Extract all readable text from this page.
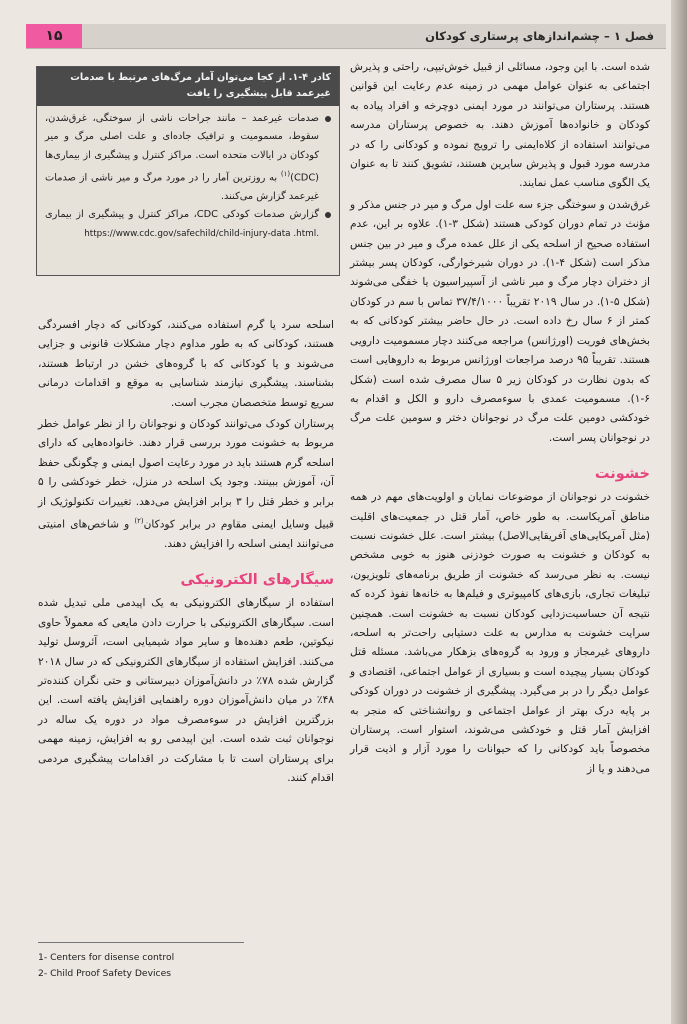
۱۵	فصل ۱ – چشم‌اندازهای پرستاری کودکان

شده است. با این وجود، مسائلی از قبیل خوش‌تیپی، راحتی و پذیرش اجتماعی به عنوان عوامل مهمی در زمینه عدم رعایت این قوانین هستند. پرستاران می‌توانند در مورد ایمنی دوچرخه و افراد پیاده به کودکان و خانواده‌ها آموزش دهند. به خصوص پرستاران مدرسه می‌توانند استفاده از کلاه‌ایمنی را ترویج نموده و کودکانی را که در مدرسه مورد قبول و پذیرش سایرین هستند، تشویق کنند تا به عنوان یک الگوی مناسب عمل نمایند.

غرق‌شدن و سوختگی جزء سه علت اول مرگ و میر در جنس مذکر و مؤنث در تمام دوران کودکی هستند (شکل ۳-۱). علاوه بر این، عدم استفاده صحیح از اسلحه یکی از علل عمده مرگ و میر در بین جنس مذکر است (شکل ۴-۱). در دوران شیرخوارگی، کودکان پسر بیشتر از دختران دچار مرگ و میر ناشی از آسپیراسیون یا خفگی می‌شوند (شکل ۵-۱). در سال ۲۰۱۹ تقریباً ۳۷/۴/۱۰۰۰ تماس با سم در کودکان کمتر از ۶ سال رخ داده است. در حال حاضر بیشتر کودکانی که به بخش‌های فوریت (اورژانس) مراجعه می‌کنند دچار مسمومیت دارویی هستند. تقریباً ۹۵ درصد مراجعات اورژانس مربوط به داروهایی است که بدون نظارت در کودکان زیر ۵ سال مصرف شده است (شکل ۶-۱). مسمومیت عمدی با سوءمصرف دارو و الکل و اقدام به خودکشی دومین علت مرگ در نوجوانان دختر و سومین علت مرگ در نوجوانان پسر است.

خشونت

خشونت در نوجوانان از موضوعات نمایان و اولویت‌های مهم در همه مناطق آمریکاست. به طور خاص، آمار قتل در جمعیت‌های اقلیت (مثل آمریکایی‌های آفریقایی‌الاصل) بیشتر است. علل خشونت نسبت به کودکان و خشونت به صورت خودزنی هنوز به خوبی مشخص نیست. به نظر می‌رسد که خشونت از طریق برنامه‌های تلویزیون، تبلیغات تجاری، بازی‌های کامپیوتری و فیلم‌ها به خانه‌ها نفوذ کرده که نتیجه آن حساسیت‌زدایی کودکان نسبت به خشونت است. همچنین سرایت خشونت به مدارس به علت دستیابی راحت‌تر به اسلحه، داروهای غیرمجاز و ورود به گروه‌های بزهکار می‌باشد. مسئله قتل کودکان بسیار پیچیده است و بسیاری از عوامل اجتماعی، اقتصادی و عوامل دیگر را در بر می‌گیرد. پیشگیری از خشونت در دوران کودکی بر پایه درک بهتر از عوامل اجتماعی و روانشناختی که منجر به افزایش آمار قتل و خودکشی می‌شوند، استوار است. پرستاران مخصوصاً باید کودکانی را که حیوانات را مورد آزار و اذیت قرار می‌دهند و یا از

کادر ۴-۱. از کجا می‌توان آمار مرگ‌های مرتبط با صدمات غیرعمد قابل پیشگیری را یافت
صدمات غیرعمد – مانند جراحات ناشی از سوختگی، غرق‌شدن، سقوط، مسمومیت و ترافیک جاده‌ای و علت اصلی مرگ و میر کودکان در ایالات متحده است. مراکز کنترل و پیشگیری از بیماری‌ها (CDC)$^{(۱)}$ به روزترین آمار را در مورد مرگ و میر ناشی از صدمات غیرعمد گزارش می‌کنند.
گزارش صدمات کودکی CDC، مراکز کنترل و پیشگیری از بیماری https://www.cdc.gov/safechild/child-injury-data .html.

اسلحه سرد یا گرم استفاده می‌کنند، کودکانی که دچار افسردگی هستند، کودکانی که به طور مداوم دچار مشکلات قانونی و جزایی می‌شوند و یا کودکانی که با گروه‌های خشن در ارتباط هستند، بشناسند. پیشگیری نیازمند شناسایی به موقع و اقدامات درمانی سریع توسط متخصصان مجرب است.

پرستاران کودک می‌توانند کودکان و نوجوانان را از نظر عوامل خطر مربوط به خشونت مورد بررسی قرار دهند. خانواده‌هایی که دارای اسلحه گرم هستند باید در مورد رعایت اصول ایمنی و چگونگی حفظ آن، آموزش ببینند. وجود یک اسلحه در منزل، خطر خودکشی را ۵ برابر و خطر قتل را ۳ برابر افزایش می‌دهد. تغییرات تکنولوژیک از قبیل وسایل ایمنی مقاوم در برابر کودکان$^{(۲)}$ و شاخص‌های امنیتی می‌توانند ایمنی اسلحه را افزایش دهند.

سیگارهای الکترونیکی

استفاده از سیگارهای الکترونیکی به یک اپیدمی ملی تبدیل شده است. سیگارهای الکترونیکی با حرارت دادن مایعی که معمولاً حاوی نیکوتین، طعم دهنده‌ها و سایر مواد شیمیایی است، آئروسل تولید می‌کنند. افزایش استفاده از سیگارهای الکترونیکی که در سال ۲۰۱۸ گزارش شده ۷۸٪ در دانش‌آموزان دبیرستانی و حتی نگران کننده‌تر ۴۸٪ در میان دانش‌آموزان دوره راهنمایی افزایش یافته است. این بزرگترین افزایش در سوءمصرف مواد در دوره یک ساله در نوجوانان ثبت شده است. این اپیدمی رو به افزایش، زمینه مهمی برای پرستاران است تا با مشارکت در اقدامات پیشگیری مردمی اقدام کنند.

1- Centers for disense control
2- Child Proof Safety Devices
